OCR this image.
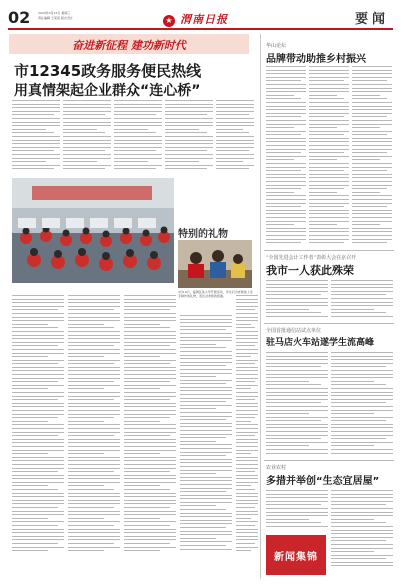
02	2023年3月15日 星期三
责任编辑 王某某 版式设计	★ 渭南日报	要闻
奋进新征程 建功新时代
市12345政务服务便民热线
用真情架起企业群众“连心桥”
特别的礼物
3月14日，临渭区某小学开展活动，学生们为老师送上亲手制作的礼物，表达对老师的感谢。
华山论坛
品牌带动助推乡村振兴
“全国先进会计工作者”表彰大会在京召开
我市一人获此殊荣
全国首批通信站试点单位
驻马店火车站遂学生流高峰
农业农村
多措并举创“生态宜居屋”
新闻集锦
